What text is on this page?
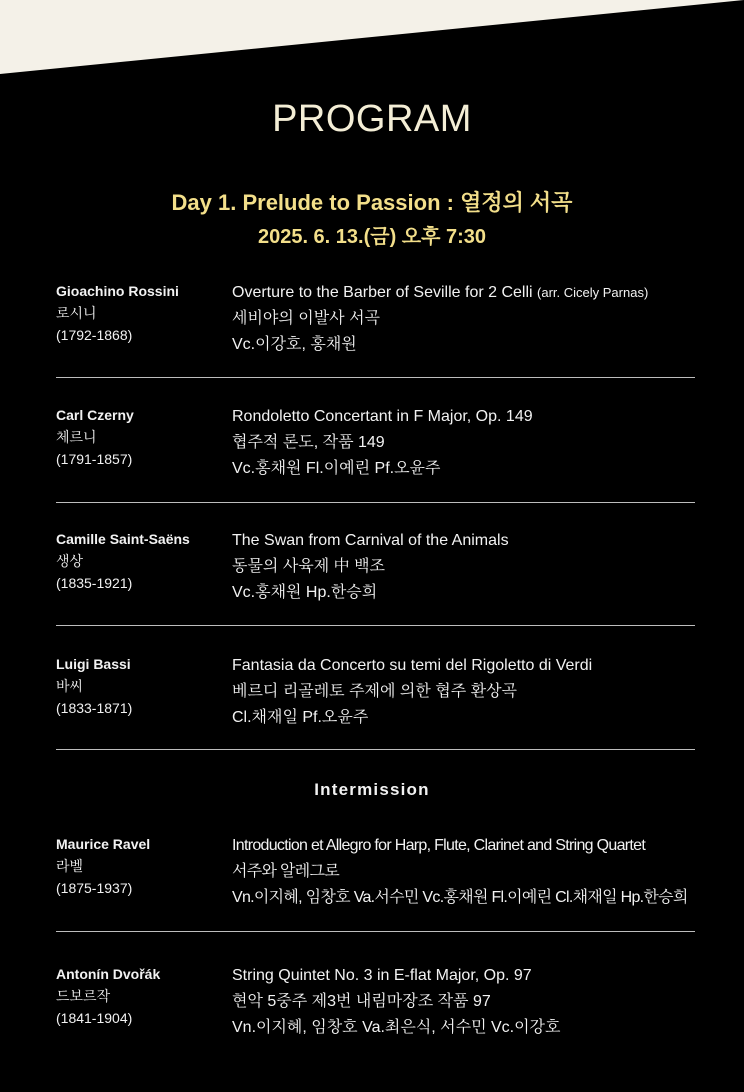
PROGRAM
Day 1. Prelude to Passion : 열정의 서곡
2025. 6. 13.(금) 오후 7:30
Gioachino Rossini
로시니
(1792-1868)
Overture to the Barber of Seville for 2 Celli (arr. Cicely Parnas)
세비야의 이발사 서곡
Vc.이강호, 홍채원
Carl Czerny
체르니
(1791-1857)
Rondoletto Concertant in F Major, Op. 149
협주적 론도, 작품 149
Vc.홍채원 Fl.이예린 Pf.오윤주
Camille Saint-Saëns
생상
(1835-1921)
The Swan from Carnival of the Animals
동물의 사육제 中 백조
Vc.홍채원 Hp.한승희
Luigi Bassi
바씨
(1833-1871)
Fantasia da Concerto su temi del Rigoletto di Verdi
베르디 리골레토 주제에 의한 협주 환상곡
Cl.채재일 Pf.오윤주
Intermission
Maurice Ravel
라벨
(1875-1937)
Introduction et Allegro for Harp, Flute, Clarinet and String Quartet
서주와 알레그로
Vn.이지혜, 임창호 Va.서수민 Vc.홍채원 Fl.이예린 Cl.채재일 Hp.한승희
Antonín Dvořák
드보르작
(1841-1904)
String Quintet No. 3 in E-flat Major, Op. 97
현악 5중주 제3번 내림마장조 작품 97
Vn.이지혜, 임창호 Va.최은식, 서수민 Vc.이강호
